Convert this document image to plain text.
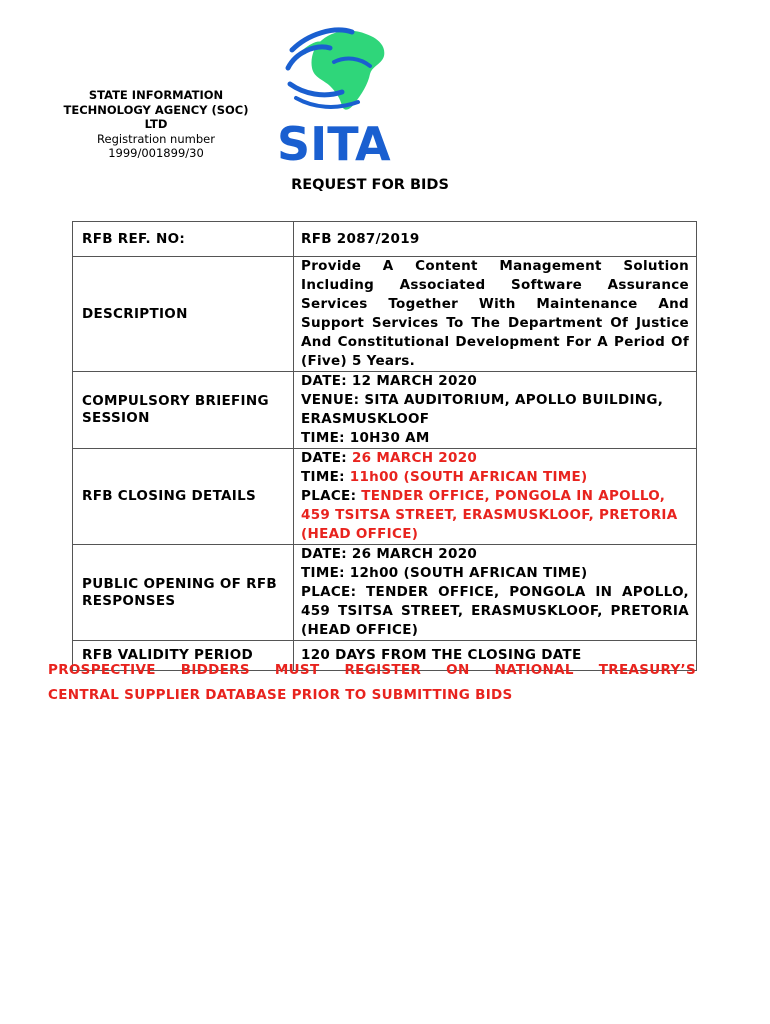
STATE INFORMATION
TECHNOLOGY AGENCY (SOC)
LTD
Registration number
1999/001899/30	SITA
REQUEST FOR BIDS
RFB REF. NO:	RFB 2087/2019
DESCRIPTION	Provide A Content Management Solution Including Associated Software Assurance Services Together With Maintenance And Support Services To The Department Of Justice And Constitutional Development For A Period Of (Five) 5 Years.
COMPULSORY BRIEFING SESSION	DATE: 12 MARCH 2020
VENUE: SITA AUDITORIUM, APOLLO BUILDING, ERASMUSKLOOF
TIME: 10H30 AM

RFB CLOSING DETAILS	DATE: 26 MARCH 2020
TIME: 11h00 (SOUTH AFRICAN TIME)
PLACE: TENDER OFFICE, PONGOLA IN APOLLO, 459 TSITSA STREET, ERASMUSKLOOF, PRETORIA (HEAD OFFICE)

PUBLIC OPENING OF RFB RESPONSES	DATE: 26 MARCH 2020
TIME: 12h00 (SOUTH AFRICAN TIME)
PLACE: TENDER OFFICE, PONGOLA IN APOLLO, 459 TSITSA STREET, ERASMUSKLOOF, PRETORIA (HEAD OFFICE)

RFB VALIDITY PERIOD	120 DAYS FROM THE CLOSING DATE
PROSPECTIVE BIDDERS MUST REGISTER ON NATIONAL TREASURY’S
CENTRAL SUPPLIER DATABASE PRIOR TO SUBMITTING BIDS
